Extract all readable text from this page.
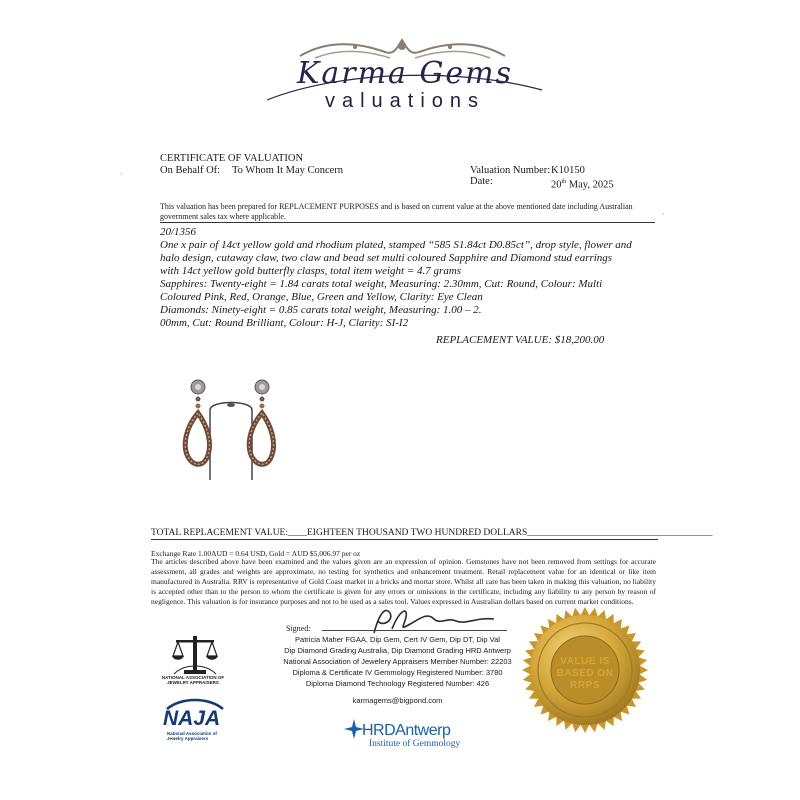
Karma Gems
valuations
·
·
CERTIFICATE OF VALUATION
On Behalf Of: To Whom It May Concern	Valuation Number: K10150
Date:	20th May, 2025
This valuation has been prepared for REPLACEMENT PURPOSES and is based on current value at the above mentioned date including Australian government sales tax where applicable.
20/1356
One x pair of 14ct yellow gold and rhodium plated, stamped “585 S1.84ct D0.85ct”, drop style, flower and
halo design, cutaway claw, two claw and bead set multi coloured Sapphire and Diamond stud earrings
with 14ct yellow gold butterfly clasps, total item weight = 4.7 grams
Sapphires: Twenty-eight = 1.84 carats total weight, Measuring: 2.30mm, Cut: Round, Colour: Multi
Coloured Pink, Red, Orange, Blue, Green and Yellow, Clarity: Eye Clean
Diamonds: Ninety-eight = 0.85 carats total weight, Measuring: 1.00 – 2.
00mm, Cut: Round Brilliant, Colour: H-J, Clarity: SI-I2
REPLACEMENT VALUE: $18,200.00
TOTAL REPLACEMENT VALUE:____EIGHTEEN THOUSAND TWO HUNDRED DOLLARS_______________________________________
Exchange Rate 1.00AUD = 0.64 USD, Gold = AUD $5,006.97 per oz
The articles described above have been examined and the values given are an expression of opinion. Gemstones have not been removed from settings for accurate assessment, all grades and weights are approximate, no testing for synthetics and enhancement treatment. Retail replacement value for an identical or like item manufactured in Australia. RRV is representative of Gold Coast market in a bricks and mortar store. Whilst all care has been taken in making this valuation, no liability is accepted other than to the person to whom the certificate is given for any errors or omissions in the certificate, including any liability to any person by reason of negligence. This valuation is for insurance purposes and not to be used as a sales tool. Values expressed in Australian dollars based on current market conditions.
Signed:
Patricia Maher FGAA, Dip Gem, Cert IV Gem, Dip DT, Dip Val
Dip Diamond Grading Australia, Dip Diamond Grading HRD Antwerp
National Association of Jewelery Appraisers Member Number: 22203
Diploma & Certificate IV Gemmology Registered Number: 3780
Diploma Diamond Technology Registered Number: 426
karmagems@bigpond.com
NATIONAL ASSOCIATION OF JEWELRY APPRAISERS
NAJA
National Association of Jewelry Appraisers	HRDAntwerp
Institute of Gemmology
VALUE IS
BASED ON
RRPS
